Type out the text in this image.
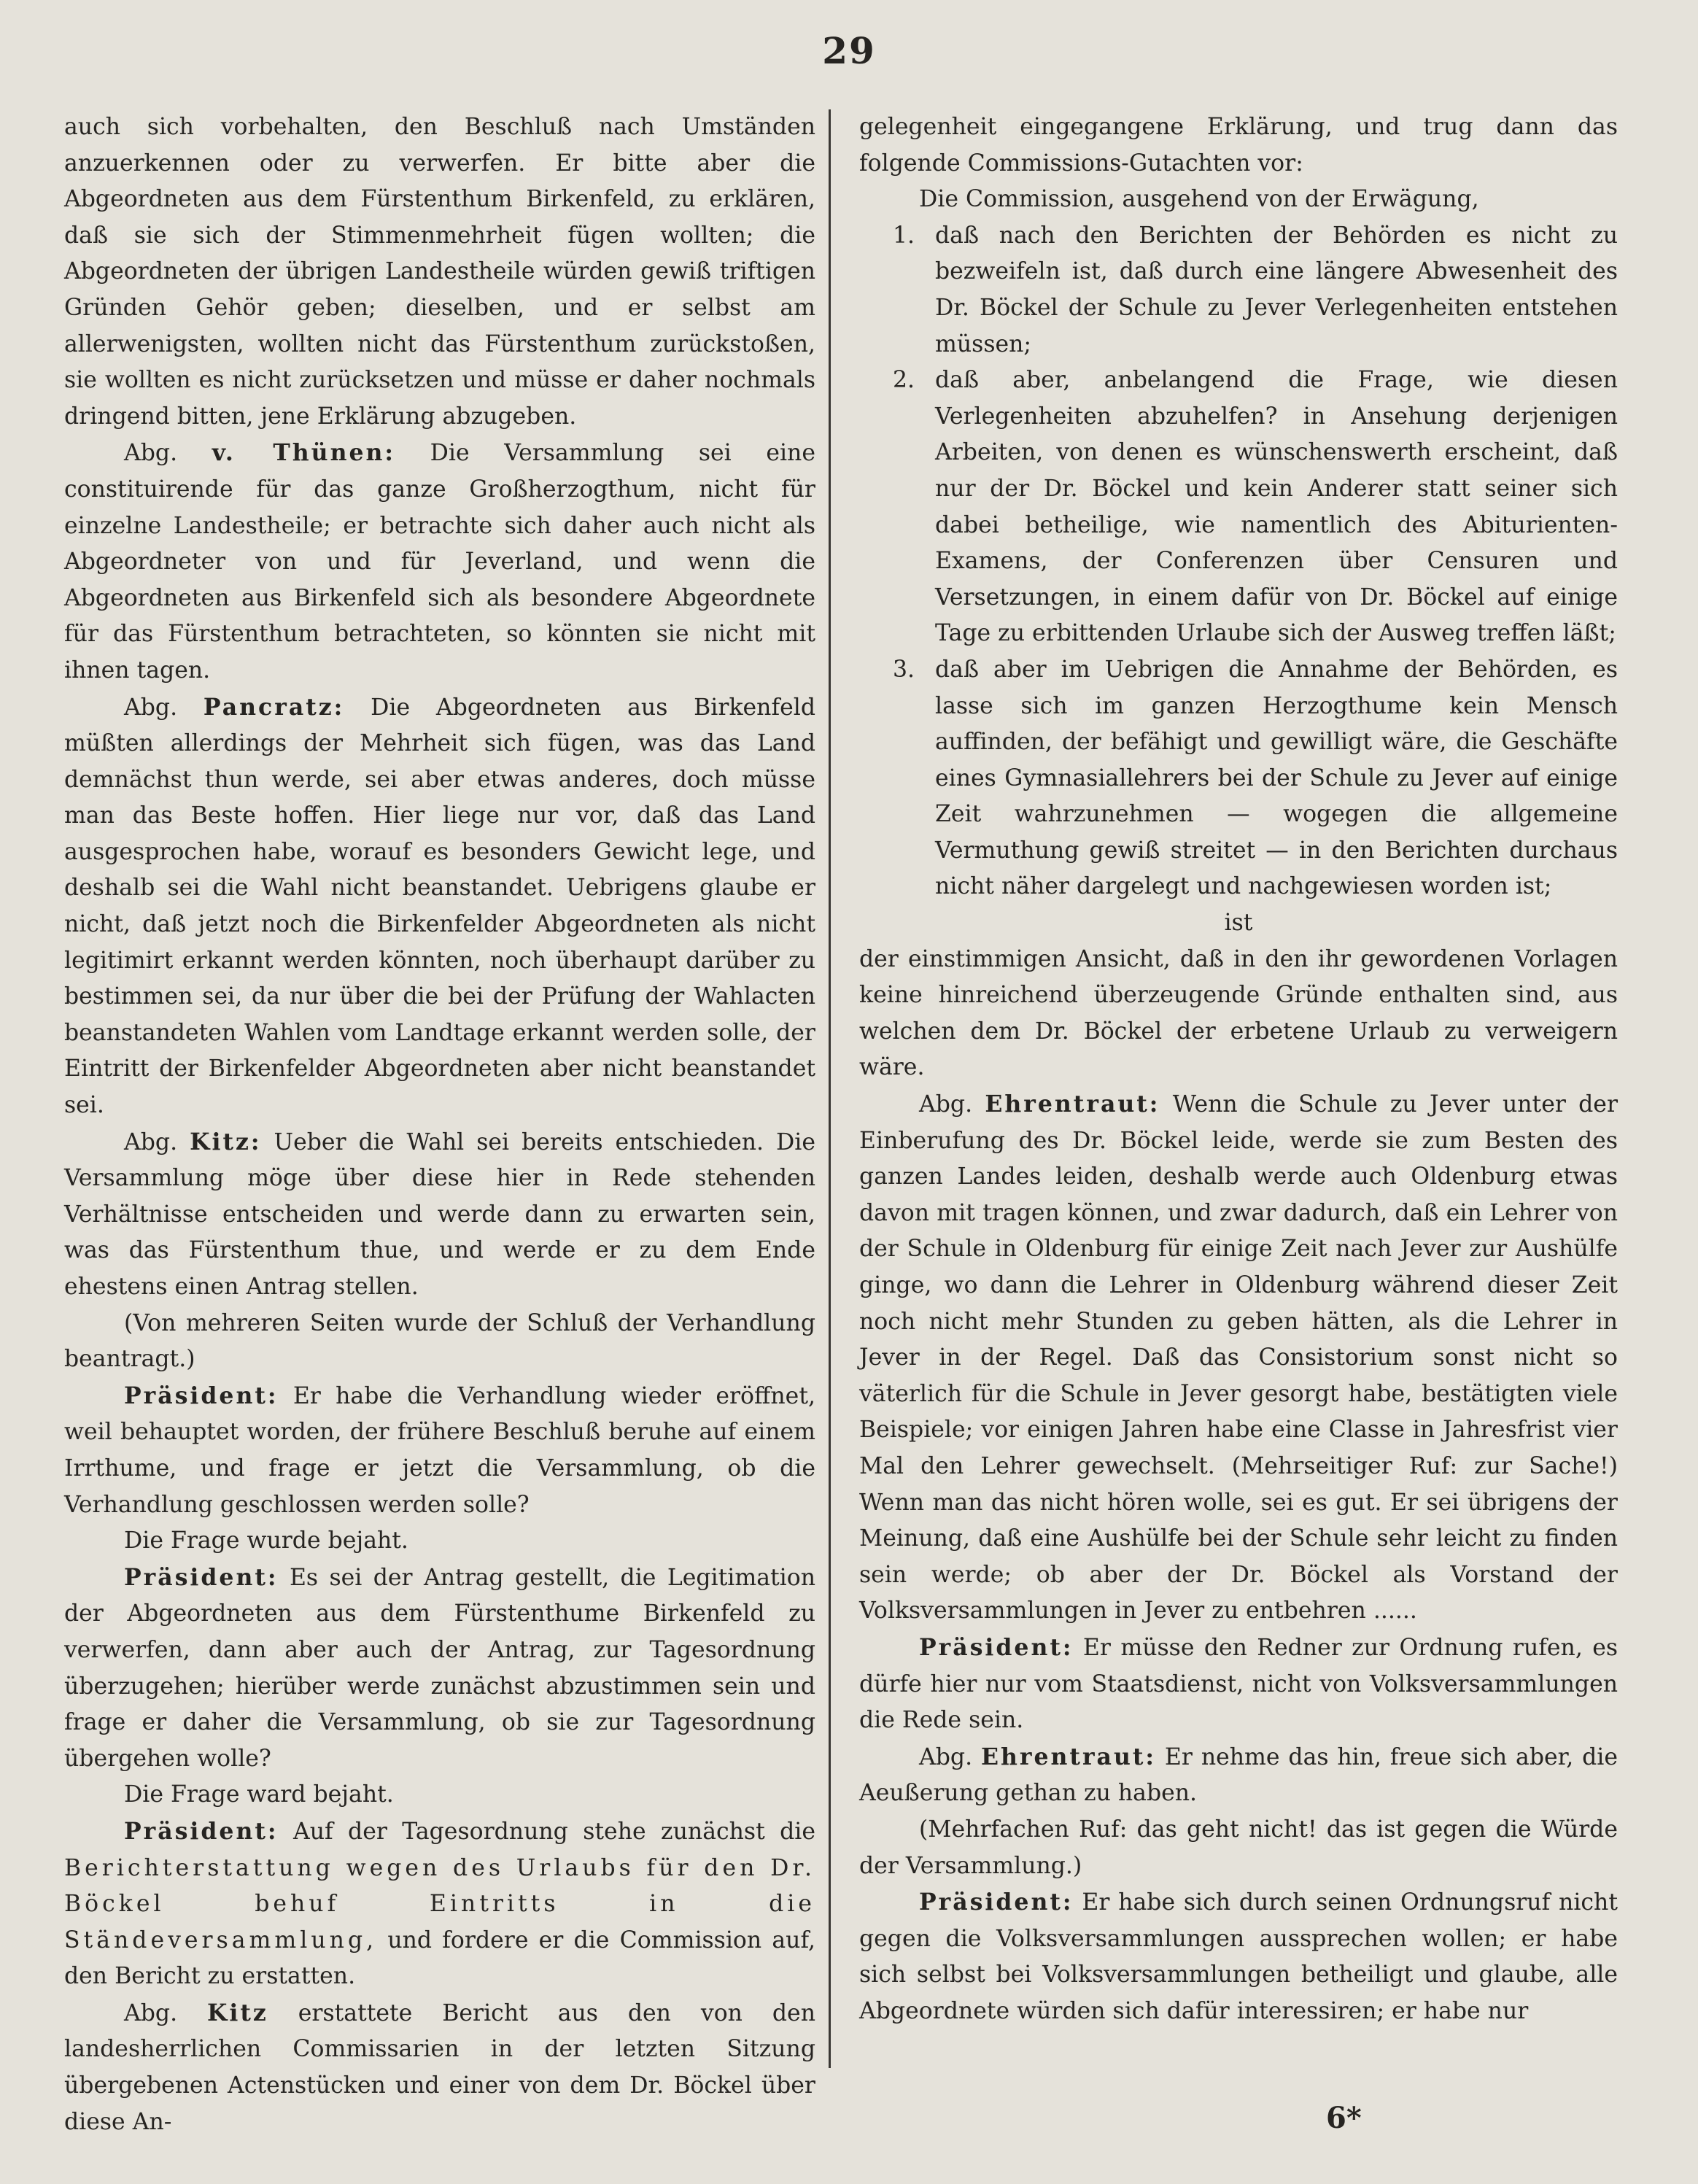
29

auch sich vorbehalten, den Beschluß nach Umständen anzuerkennen oder zu verwerfen. Er bitte aber die Abgeordneten aus dem Fürstenthum Birkenfeld, zu erklären, daß sie sich der Stimmenmehrheit fügen wollten; die Abgeordneten der übrigen Landestheile würden gewiß triftigen Gründen Gehör geben; dieselben, und er selbst am allerwenigsten, wollten nicht das Fürstenthum zurückstoßen, sie wollten es nicht zurücksetzen und müsse er daher nochmals dringend bitten, jene Erklärung abzugeben.

Abg. v. Thünen: Die Versammlung sei eine constituirende für das ganze Großherzogthum, nicht für einzelne Landestheile; er betrachte sich daher auch nicht als Abgeordneter von und für Jeverland, und wenn die Abgeordneten aus Birkenfeld sich als besondere Abgeordnete für das Fürstenthum betrachteten, so könnten sie nicht mit ihnen tagen.

Abg. Pancratz: Die Abgeordneten aus Birkenfeld müßten allerdings der Mehrheit sich fügen, was das Land demnächst thun werde, sei aber etwas anderes, doch müsse man das Beste hoffen. Hier liege nur vor, daß das Land ausgesprochen habe, worauf es besonders Gewicht lege, und deshalb sei die Wahl nicht beanstandet. Uebrigens glaube er nicht, daß jetzt noch die Birkenfelder Abgeordneten als nicht legitimirt erkannt werden könnten, noch überhaupt darüber zu bestimmen sei, da nur über die bei der Prüfung der Wahlacten beanstandeten Wahlen vom Landtage erkannt werden solle, der Eintritt der Birkenfelder Abgeordneten aber nicht beanstandet sei.

Abg. Kitz: Ueber die Wahl sei bereits entschieden. Die Versammlung möge über diese hier in Rede stehenden Verhältnisse entscheiden und werde dann zu erwarten sein, was das Fürstenthum thue, und werde er zu dem Ende ehestens einen Antrag stellen.

(Von mehreren Seiten wurde der Schluß der Verhandlung beantragt.)

Präsident: Er habe die Verhandlung wieder eröffnet, weil behauptet worden, der frühere Beschluß beruhe auf einem Irrthume, und frage er jetzt die Versammlung, ob die Verhandlung geschlossen werden solle?

Die Frage wurde bejaht.

Präsident: Es sei der Antrag gestellt, die Legitimation der Abgeordneten aus dem Fürstenthume Birkenfeld zu verwerfen, dann aber auch der Antrag, zur Tagesordnung überzugehen; hierüber werde zunächst abzustimmen sein und frage er daher die Versammlung, ob sie zur Tagesordnung übergehen wolle?

Die Frage ward bejaht.

Präsident: Auf der Tagesordnung stehe zunächst die Berichterstattung wegen des Urlaubs für den Dr. Böckel behuf Eintritts in die Ständeversammlung, und fordere er die Commission auf, den Bericht zu erstatten.

Abg. Kitz erstattete Bericht aus den von den landesherrlichen Commissarien in der letzten Sitzung übergebenen Actenstücken und einer von dem Dr. Böckel über diese An-

gelegenheit eingegangene Erklärung, und trug dann das folgende Commissions-Gutachten vor:

Die Commission, ausgehend von der Erwägung,

1. daß nach den Berichten der Behörden es nicht zu bezweifeln ist, daß durch eine längere Abwesenheit des Dr. Böckel der Schule zu Jever Verlegenheiten entstehen müssen;

2. daß aber, anbelangend die Frage, wie diesen Verlegenheiten abzuhelfen? in Ansehung derjenigen Arbeiten, von denen es wünschenswerth erscheint, daß nur der Dr. Böckel und kein Anderer statt seiner sich dabei betheilige, wie namentlich des Abiturienten-Examens, der Conferenzen über Censuren und Versetzungen, in einem dafür von Dr. Böckel auf einige Tage zu erbittenden Urlaube sich der Ausweg treffen läßt;

3. daß aber im Uebrigen die Annahme der Behörden, es lasse sich im ganzen Herzogthume kein Mensch auffinden, der befähigt und gewilligt wäre, die Geschäfte eines Gymnasiallehrers bei der Schule zu Jever auf einige Zeit wahrzunehmen — wogegen die allgemeine Vermuthung gewiß streitet — in den Berichten durchaus nicht näher dargelegt und nachgewiesen worden ist;

ist

der einstimmigen Ansicht, daß in den ihr gewordenen Vorlagen keine hinreichend überzeugende Gründe enthalten sind, aus welchen dem Dr. Böckel der erbetene Urlaub zu verweigern wäre.

Abg. Ehrentraut: Wenn die Schule zu Jever unter der Einberufung des Dr. Böckel leide, werde sie zum Besten des ganzen Landes leiden, deshalb werde auch Oldenburg etwas davon mit tragen können, und zwar dadurch, daß ein Lehrer von der Schule in Oldenburg für einige Zeit nach Jever zur Aushülfe ginge, wo dann die Lehrer in Oldenburg während dieser Zeit noch nicht mehr Stunden zu geben hätten, als die Lehrer in Jever in der Regel. Daß das Consistorium sonst nicht so väterlich für die Schule in Jever gesorgt habe, bestätigten viele Beispiele; vor einigen Jahren habe eine Classe in Jahresfrist vier Mal den Lehrer gewechselt. (Mehrseitiger Ruf: zur Sache!) Wenn man das nicht hören wolle, sei es gut. Er sei übrigens der Meinung, daß eine Aushülfe bei der Schule sehr leicht zu finden sein werde; ob aber der Dr. Böckel als Vorstand der Volksversammlungen in Jever zu entbehren ......

Präsident: Er müsse den Redner zur Ordnung rufen, es dürfe hier nur vom Staatsdienst, nicht von Volksversammlungen die Rede sein.

Abg. Ehrentraut: Er nehme das hin, freue sich aber, die Aeußerung gethan zu haben.

(Mehrfachen Ruf: das geht nicht! das ist gegen die Würde der Versammlung.)

Präsident: Er habe sich durch seinen Ordnungsruf nicht gegen die Volksversammlungen aussprechen wollen; er habe sich selbst bei Volksversammlungen betheiligt und glaube, alle Abgeordnete würden sich dafür interessiren; er habe nur

6*
